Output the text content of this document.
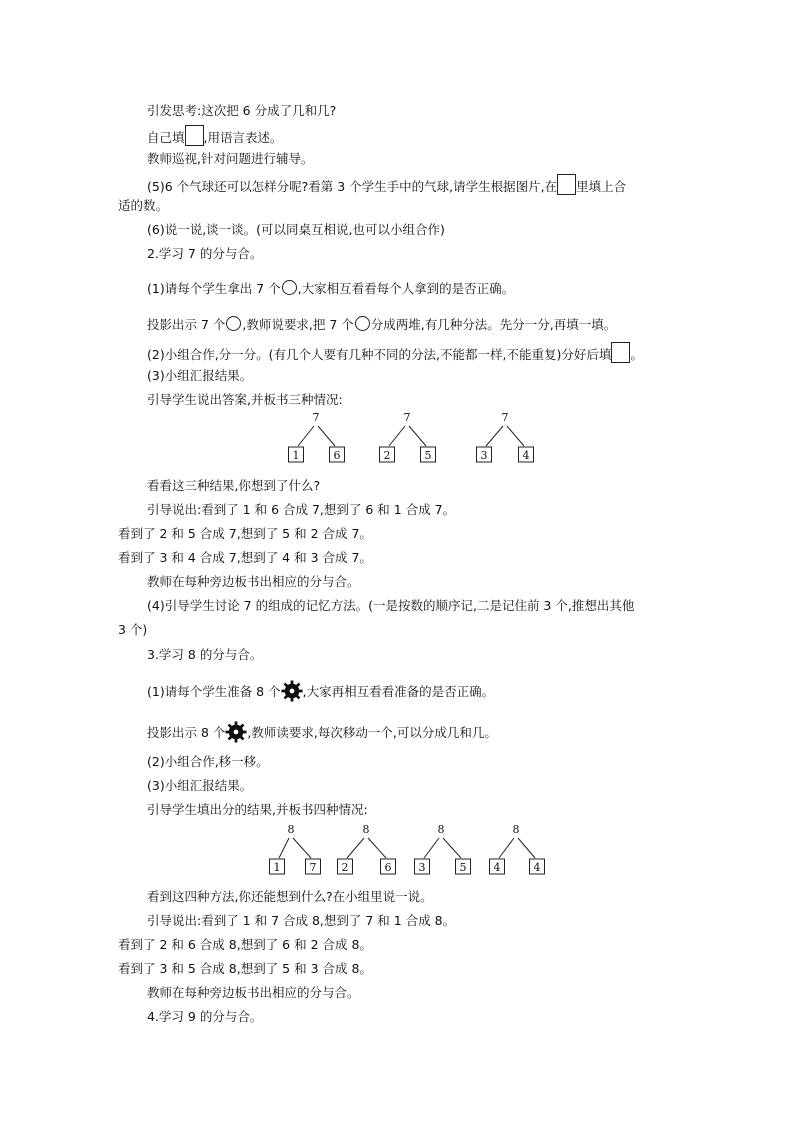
引发思考:这次把 6 分成了几和几?
自己填 ,用语言表述。
教师巡视,针对问题进行辅导。
(5)6 个气球还可以怎样分呢?看第 3 个学生手中的气球,请学生根据图片,在 里填上合
适的数。
(6)说一说,谈一谈。(可以同桌互相说,也可以小组合作)
2.学习 7 的分与合。
(1)请每个学生拿出 7 个 ,大家相互看看每个人拿到的是否正确。
投影出示 7 个 ,教师说要求,把 7 个 分成两堆,有几种分法。先分一分,再填一填。
(2)小组合作,分一分。(有几个人要有几种不同的分法,不能都一样,不能重复)分好后填 。
(3)小组汇报结果。
引导学生说出答案,并板书三种情况:
7
1	6
7
2	5
7
3	4
看看这三种结果,你想到了什么?
引导说出:看到了 1 和 6 合成 7,想到了 6 和 1 合成 7。
看到了 2 和 5 合成 7,想到了 5 和 2 合成 7。
看到了 3 和 4 合成 7,想到了 4 和 3 合成 7。
教师在每种旁边板书出相应的分与合。
(4)引导学生讨论 7 的组成的记忆方法。(一是按数的顺序记,二是记住前 3 个,推想出其他
3 个)
3.学习 8 的分与合。
(1)请每个学生准备 8 个 ,大家再相互看看准备的是否正确。
投影出示 8 个 ,教师读要求,每次移动一个,可以分成几和几。
(2)小组合作,移一移。
(3)小组汇报结果。
引导学生填出分的结果,并板书四种情况:
8
1	7
8
2	6
8
3	5
8
4	4
看到这四种方法,你还能想到什么?在小组里说一说。
引导说出:看到了 1 和 7 合成 8,想到了 7 和 1 合成 8。
看到了 2 和 6 合成 8,想到了 6 和 2 合成 8。
看到了 3 和 5 合成 8,想到了 5 和 3 合成 8。
教师在每种旁边板书出相应的分与合。
4.学习 9 的分与合。
